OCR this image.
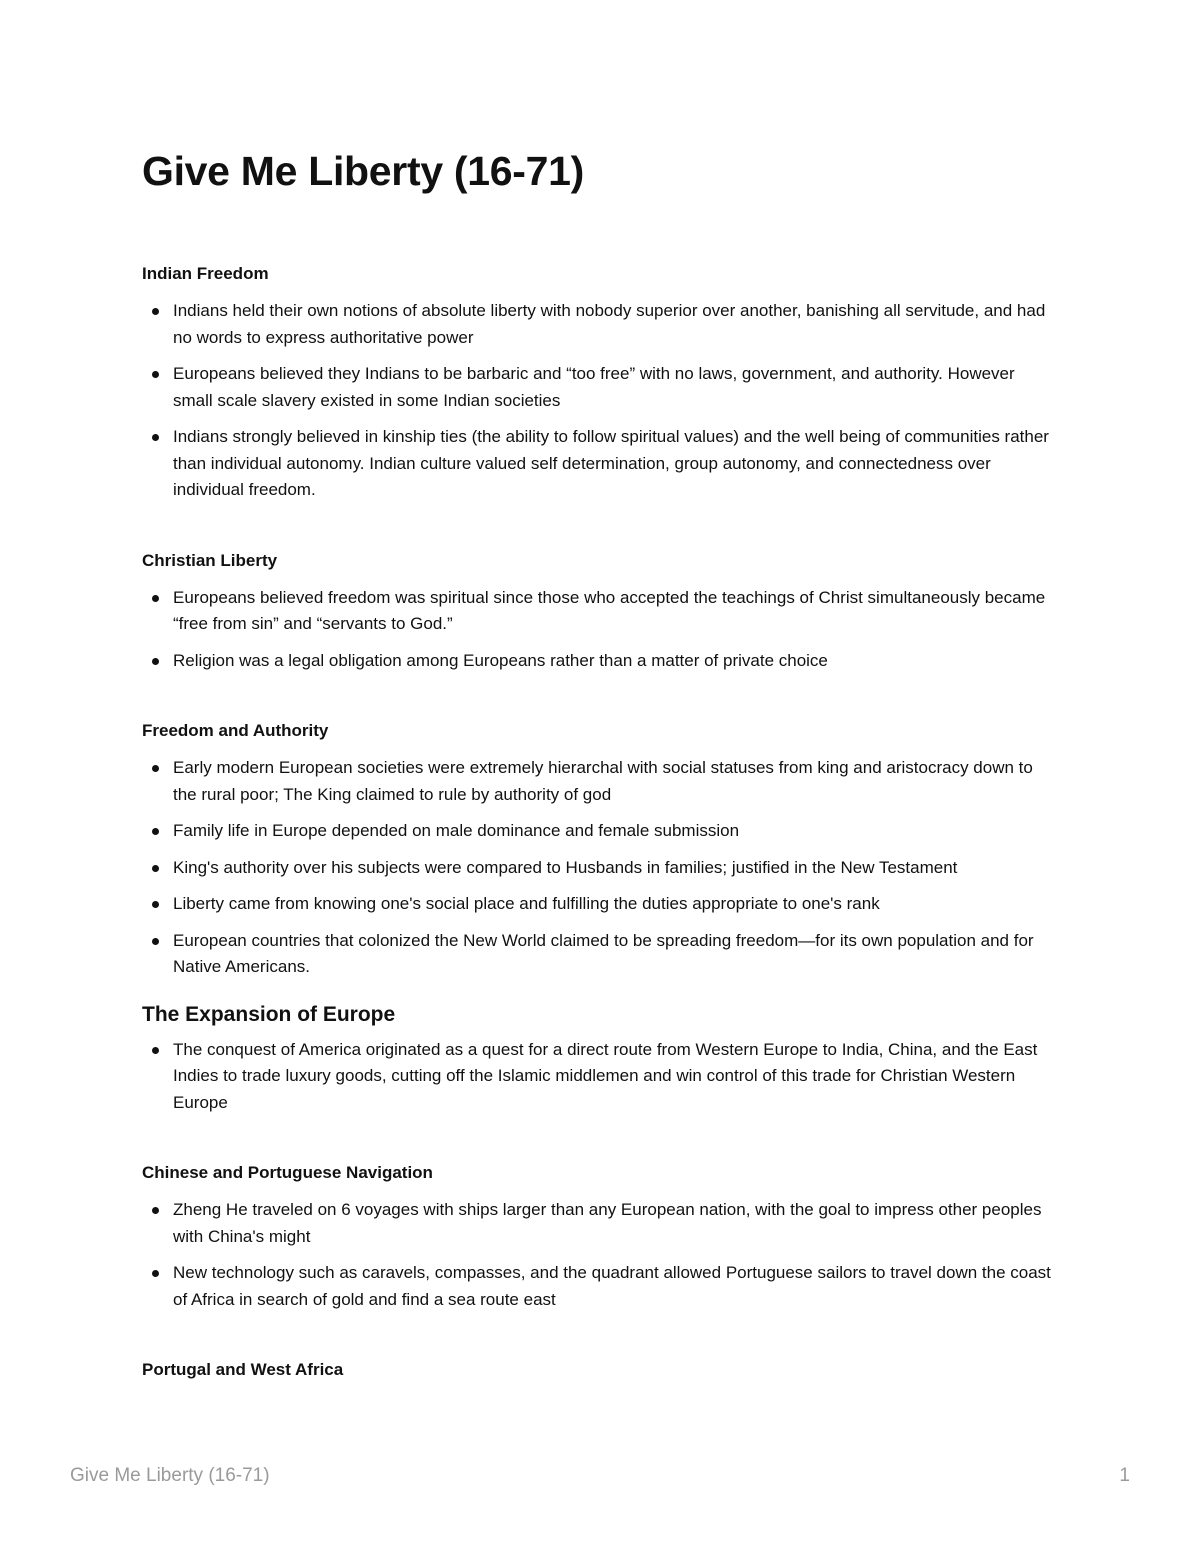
Give Me Liberty (16-71)
Indian Freedom
Indians held their own notions of absolute liberty with nobody superior over another, banishing all servitude, and had no words to express authoritative power
Europeans believed they Indians to be barbaric and “too free” with no laws, government, and authority. However small scale slavery existed in some Indian societies
Indians strongly believed in kinship ties (the ability to follow spiritual values) and the well being of communities rather than individual autonomy. Indian culture valued self determination, group autonomy, and connectedness over individual freedom.
Christian Liberty
Europeans believed freedom was spiritual since those who accepted the teachings of Christ simultaneously became “free from sin” and “servants to God.”
Religion was a legal obligation among Europeans rather than a matter of private choice
Freedom and Authority
Early modern European societies were extremely hierarchal with social statuses from king and aristocracy down to the rural poor; The King claimed to rule by authority of god
Family life in Europe depended on male dominance and female submission
King's authority over his subjects were compared to Husbands in families; justified in the New Testament
Liberty came from knowing one's social place and fulfilling the duties appropriate to one's rank
European countries that colonized the New World claimed to be spreading freedom—for its own population and for Native Americans.
The Expansion of Europe
The conquest of America originated as a quest for a direct route from Western Europe to India, China, and the East Indies to trade luxury goods, cutting off the Islamic middlemen and win control of this trade for Christian Western Europe
Chinese and Portuguese Navigation
Zheng He traveled on 6 voyages with ships larger than any European nation, with the goal to impress other peoples with China's might
New technology such as caravels, compasses, and the quadrant allowed Portuguese sailors to travel down the coast of Africa in search of gold and find a sea route east
Portugal and West Africa
Give Me Liberty (16-71)	1
